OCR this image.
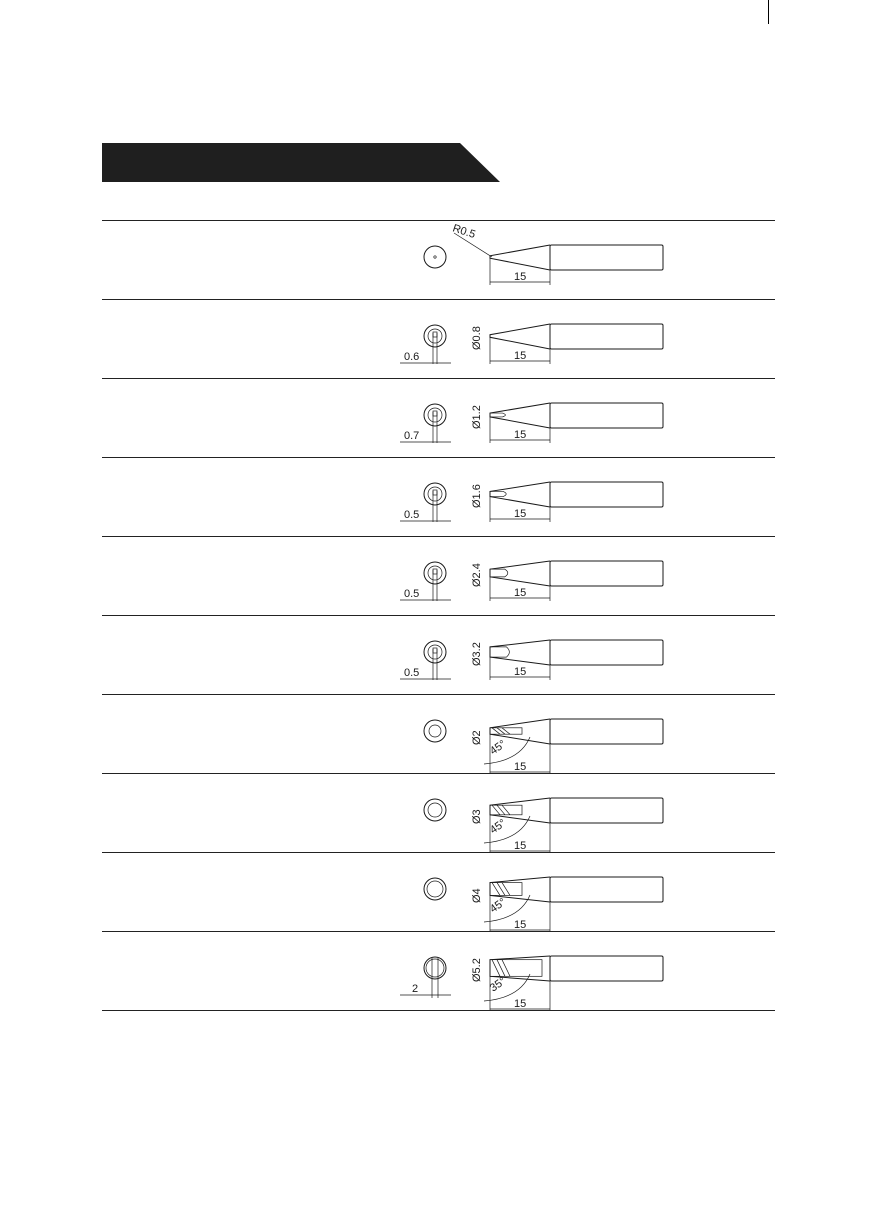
15
R0.5
0.6
Ø0.8
15
0.7
Ø1.2
15
0.5
Ø1.6
15
0.5
Ø2.4
15
0.5
Ø3.2
15
45°
Ø2
15
45°
Ø3
15
45°
Ø4
15
2	35°
Ø5.2
15
